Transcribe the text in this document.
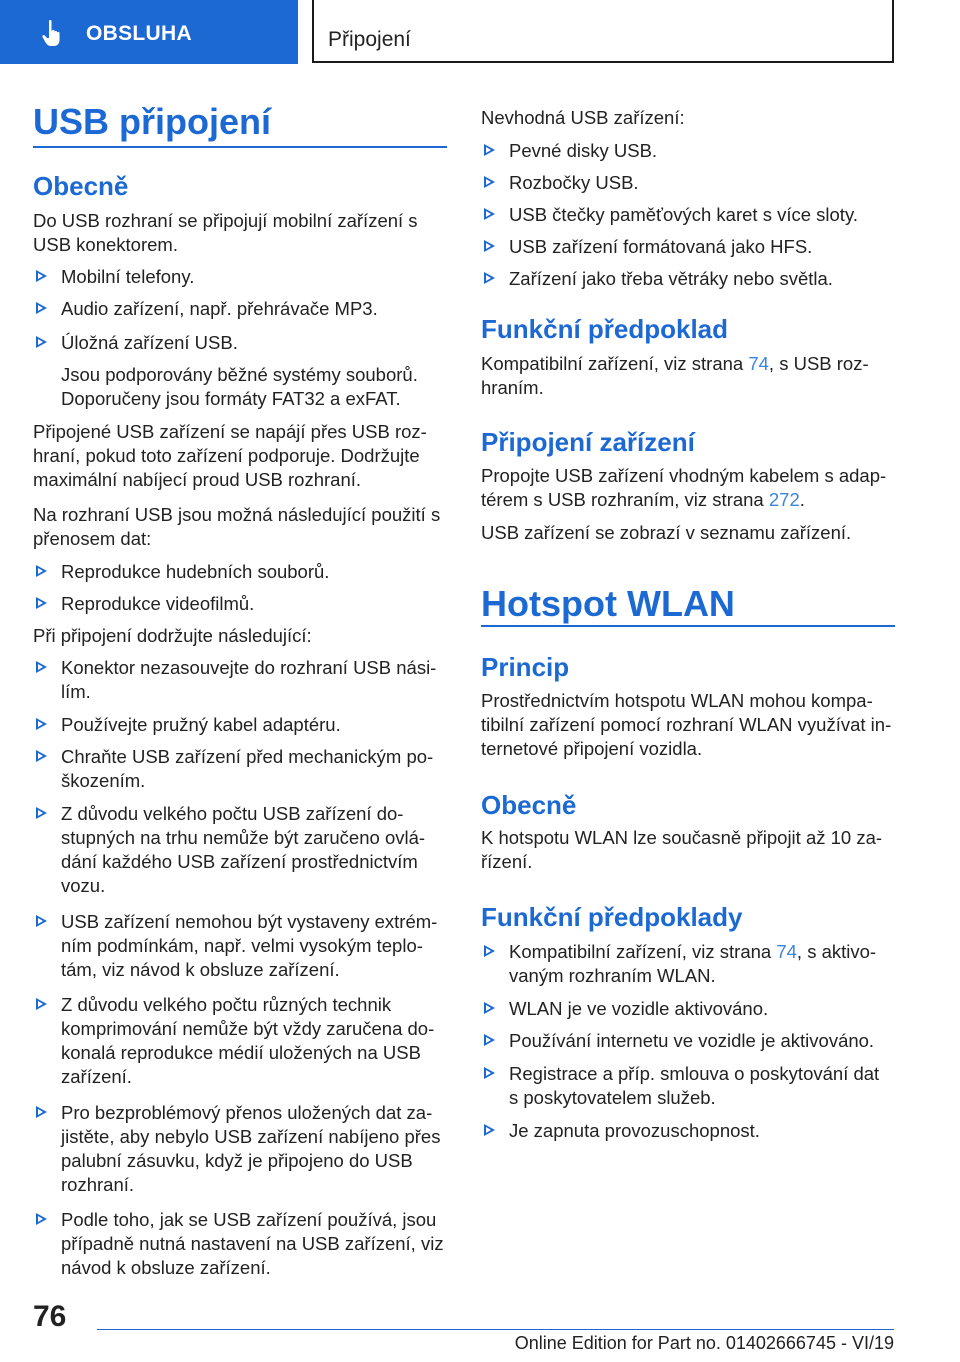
OBSLUHA	Připojení
USB připojení
Obecně
Do USB rozhraní se připojují mobilní zařízení s
USB konektorem.
Mobilní telefony.
Audio zařízení, např. přehrávače MP3.
Úložná zařízení USB.
Jsou podporovány běžné systémy souborů.
Doporučeny jsou formáty FAT32 a exFAT.
Připojené USB zařízení se napájí přes USB roz-
hraní, pokud toto zařízení podporuje. Dodržujte
maximální nabíjecí proud USB rozhraní.
Na rozhraní USB jsou možná následující použití s
přenosem dat:
Reprodukce hudebních souborů.
Reprodukce videofilmů.
Při připojení dodržujte následující:
Konektor nezasouvejte do rozhraní USB nási-
lím.
Používejte pružný kabel adaptéru.
Chraňte USB zařízení před mechanickým po-
škozením.
Z důvodu velkého počtu USB zařízení do-
stupných na trhu nemůže být zaručeno ovlá-
dání každého USB zařízení prostřednictvím
vozu.
USB zařízení nemohou být vystaveny extrém-
ním podmínkám, např. velmi vysokým teplo-
tám, viz návod k obsluze zařízení.
Z důvodu velkého počtu různých technik
komprimování nemůže být vždy zaručena do-
konalá reprodukce médií uložených na USB
zařízení.
Pro bezproblémový přenos uložených dat za-
jistěte, aby nebylo USB zařízení nabíjeno přes
palubní zásuvku, když je připojeno do USB
rozhraní.
Podle toho, jak se USB zařízení používá, jsou
případně nutná nastavení na USB zařízení, viz
návod k obsluze zařízení.
Nevhodná USB zařízení:
Pevné disky USB.
Rozbočky USB.
USB čtečky paměťových karet s více sloty.
USB zařízení formátovaná jako HFS.
Zařízení jako třeba větráky nebo světla.
Funkční předpoklad
Kompatibilní zařízení, viz strana 74, s USB roz-
hraním.
Připojení zařízení
Propojte USB zařízení vhodným kabelem s adap-
térem s USB rozhraním, viz strana 272.
USB zařízení se zobrazí v seznamu zařízení.
Hotspot WLAN
Princip
Prostřednictvím hotspotu WLAN mohou kompa-
tibilní zařízení pomocí rozhraní WLAN využívat in-
ternetové připojení vozidla.
Obecně
K hotspotu WLAN lze současně připojit až 10 za-
řízení.
Funkční předpoklady
Kompatibilní zařízení, viz strana 74, s aktivo-
vaným rozhraním WLAN.
WLAN je ve vozidle aktivováno.
Používání internetu ve vozidle je aktivováno.
Registrace a příp. smlouva o poskytování dat
s poskytovatelem služeb.
Je zapnuta provozuschopnost.
76
Online Edition for Part no. 01402666745 - VI/19
